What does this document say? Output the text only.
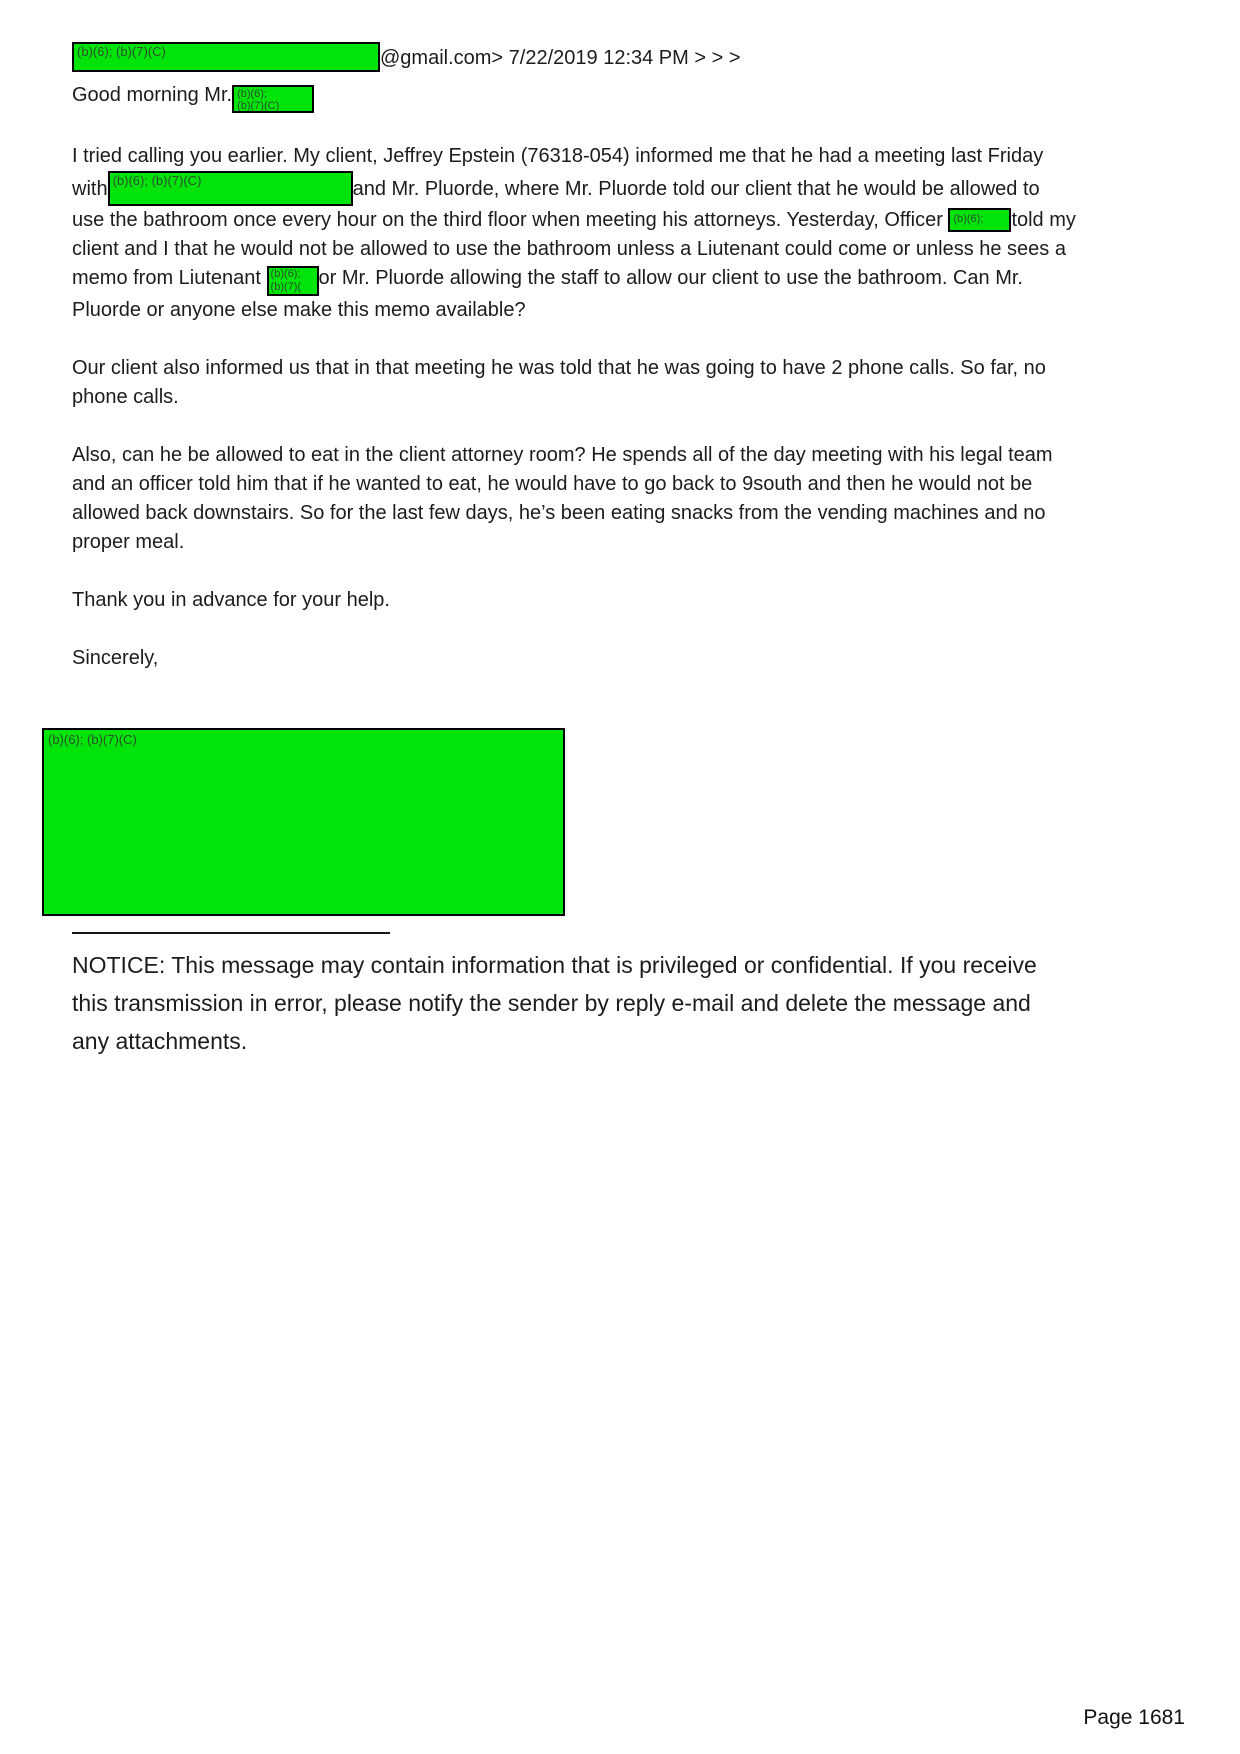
(b)(6); (b)(7)(C)	@gmail.com> 7/22/2019 12:34 PM > > >
Good morning Mr. (b)(6);
(b)(7)(C)

I tried calling you earlier. My client, Jeffrey Epstein (76318-054) informed me that he had a meeting last Friday with (b)(6); (b)(7)(C)	and Mr. Pluorde, where Mr. Pluorde told our client that he would be allowed to use the bathroom once every hour on the third floor when meeting his attorneys. Yesterday, Officer (b)(6); told my client and I that he would not be allowed to use the bathroom unless a Liutenant could come or unless he sees a memo from Liutenant (b)(6);
(b)(7)( or Mr. Pluorde allowing the staff to allow our client to use the bathroom. Can Mr. Pluorde or anyone else make this memo available?

Our client also informed us that in that meeting he was told that he was going to have 2 phone calls. So far, no phone calls.

Also, can he be allowed to eat in the client attorney room? He spends all of the day meeting with his legal team and an officer told him that if he wanted to eat, he would have to go back to 9south and then he would not be allowed back downstairs. So for the last few days, he’s been eating snacks from the vending machines and no proper meal.

Thank you in advance for your help.

Sincerely,

(b)(6); (b)(7)(C)

NOTICE: This message may contain information that is privileged or confidential. If you receive this transmission in error, please notify the sender by reply e-mail and delete the message and any attachments.

Page 1681
